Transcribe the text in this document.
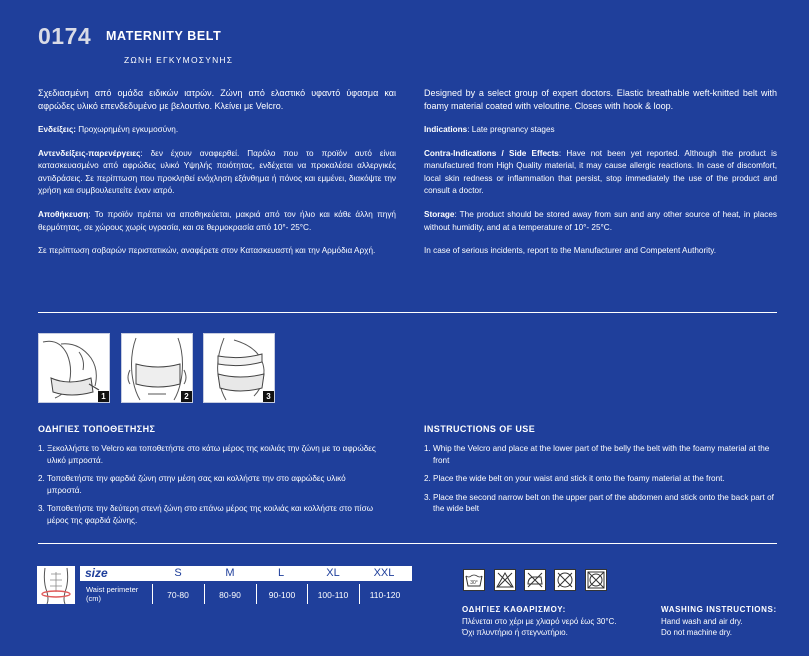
0174 MATERNITY BELT
ΖΩΝΗ ΕΓΚΥΜΟΣΥΝΗΣ

Σχεδιασμένη από ομάδα ειδικών ιατρών. Ζώνη από ελαστικό υφαντό ύφασμα και αφρώδες υλικό επενδεδυμένο με βελουτίνο. Κλείνει με Velcro.

Ενδείξεις: Προχωρημένη εγκυμοσύνη.

Αντενδείξεις-παρενέργειες: δεν έχουν αναφερθεί. Παρόλο που το προϊόν αυτό είναι κατασκευασμένο από αφρώδες υλικό Υψηλής ποιότητας, ενδέχεται να προκαλέσει αλλεργικές αντιδράσεις. Σε περίπτωση που προκληθεί ενόχληση εξάνθημα ή πόνος και εμμένει, διακόψτε την χρήση και συμβουλευτείτε έναν ιατρό.

Αποθήκευση: Το προϊόν πρέπει να αποθηκεύεται, μακριά από τον ήλιο και κάθε άλλη πηγή θερμότητας, σε χώρους χωρίς υγρασία, και σε θερμοκρασία από 10°- 25°C.

Σε περίπτωση σοβαρών περιστατικών, αναφέρετε στον Κατασκευαστή και την Αρμόδια Αρχή.

Designed by a select group of expert doctors. Elastic breathable weft-knitted belt with foamy material coated with veloutine. Closes with hook & loop.

Indications: Late pregnancy stages

Contra-Indications / Side Effects: Have not been yet reported. Although the product is manufactured from High Quality material, it may cause allergic reactions. In case of discomfort, local skin redness or inflammation that persist, stop immediately the use of the product and consult a doctor.

Storage: The product should be stored away from sun and any other source of heat, in places without humidity, and at a temperature of 10°- 25°C.

In case of serious incidents, report to the Manufacturer and Competent Authority.

1	2	3
ΟΔΗΓΙΕΣ ΤΟΠΟΘΕΤΗΣΗΣ
1. Ξεκολλήστε το Velcro και τοποθετήστε στο κάτω μέρος της κοιλιάς την ζώνη με το αφρώδες υλικό μπροστά.
2. Τοποθετήστε την φαρδιά ζώνη στην μέση σας και κολλήστε την στο αφρώδες υλικό μπροστά.
3. Τοποθετήστε την δεύτερη στενή ζώνη στο επάνω μέρος της κοιλιάς και κολλήστε στο πίσω μέρος της φαρδιά ζώνης.
INSTRUCTIONS OF USE
1. Whip the Velcro and place at the lower part of the belly the belt with the foamy material at the front
2. Place the wide belt on your waist and stick it onto the foamy material at the front.
3. Place the second narrow belt on the upper part of the abdomen and stick onto the back part of the wide belt
size	S	M	L	XL	XXL
Waist perimeter
(cm)	70-80	80-90	90-100	100-110	110-120
30°
ΟΔΗΓΙΕΣ ΚΑΘΑΡΙΣΜΟΥ:
Πλένεται στο χέρι με χλιαρό νερό έως 30°C.
Όχι πλυντήριο ή στεγνωτήριο.
WASHING INSTRUCTIONS:
Hand wash and air dry.
Do not machine dry.
